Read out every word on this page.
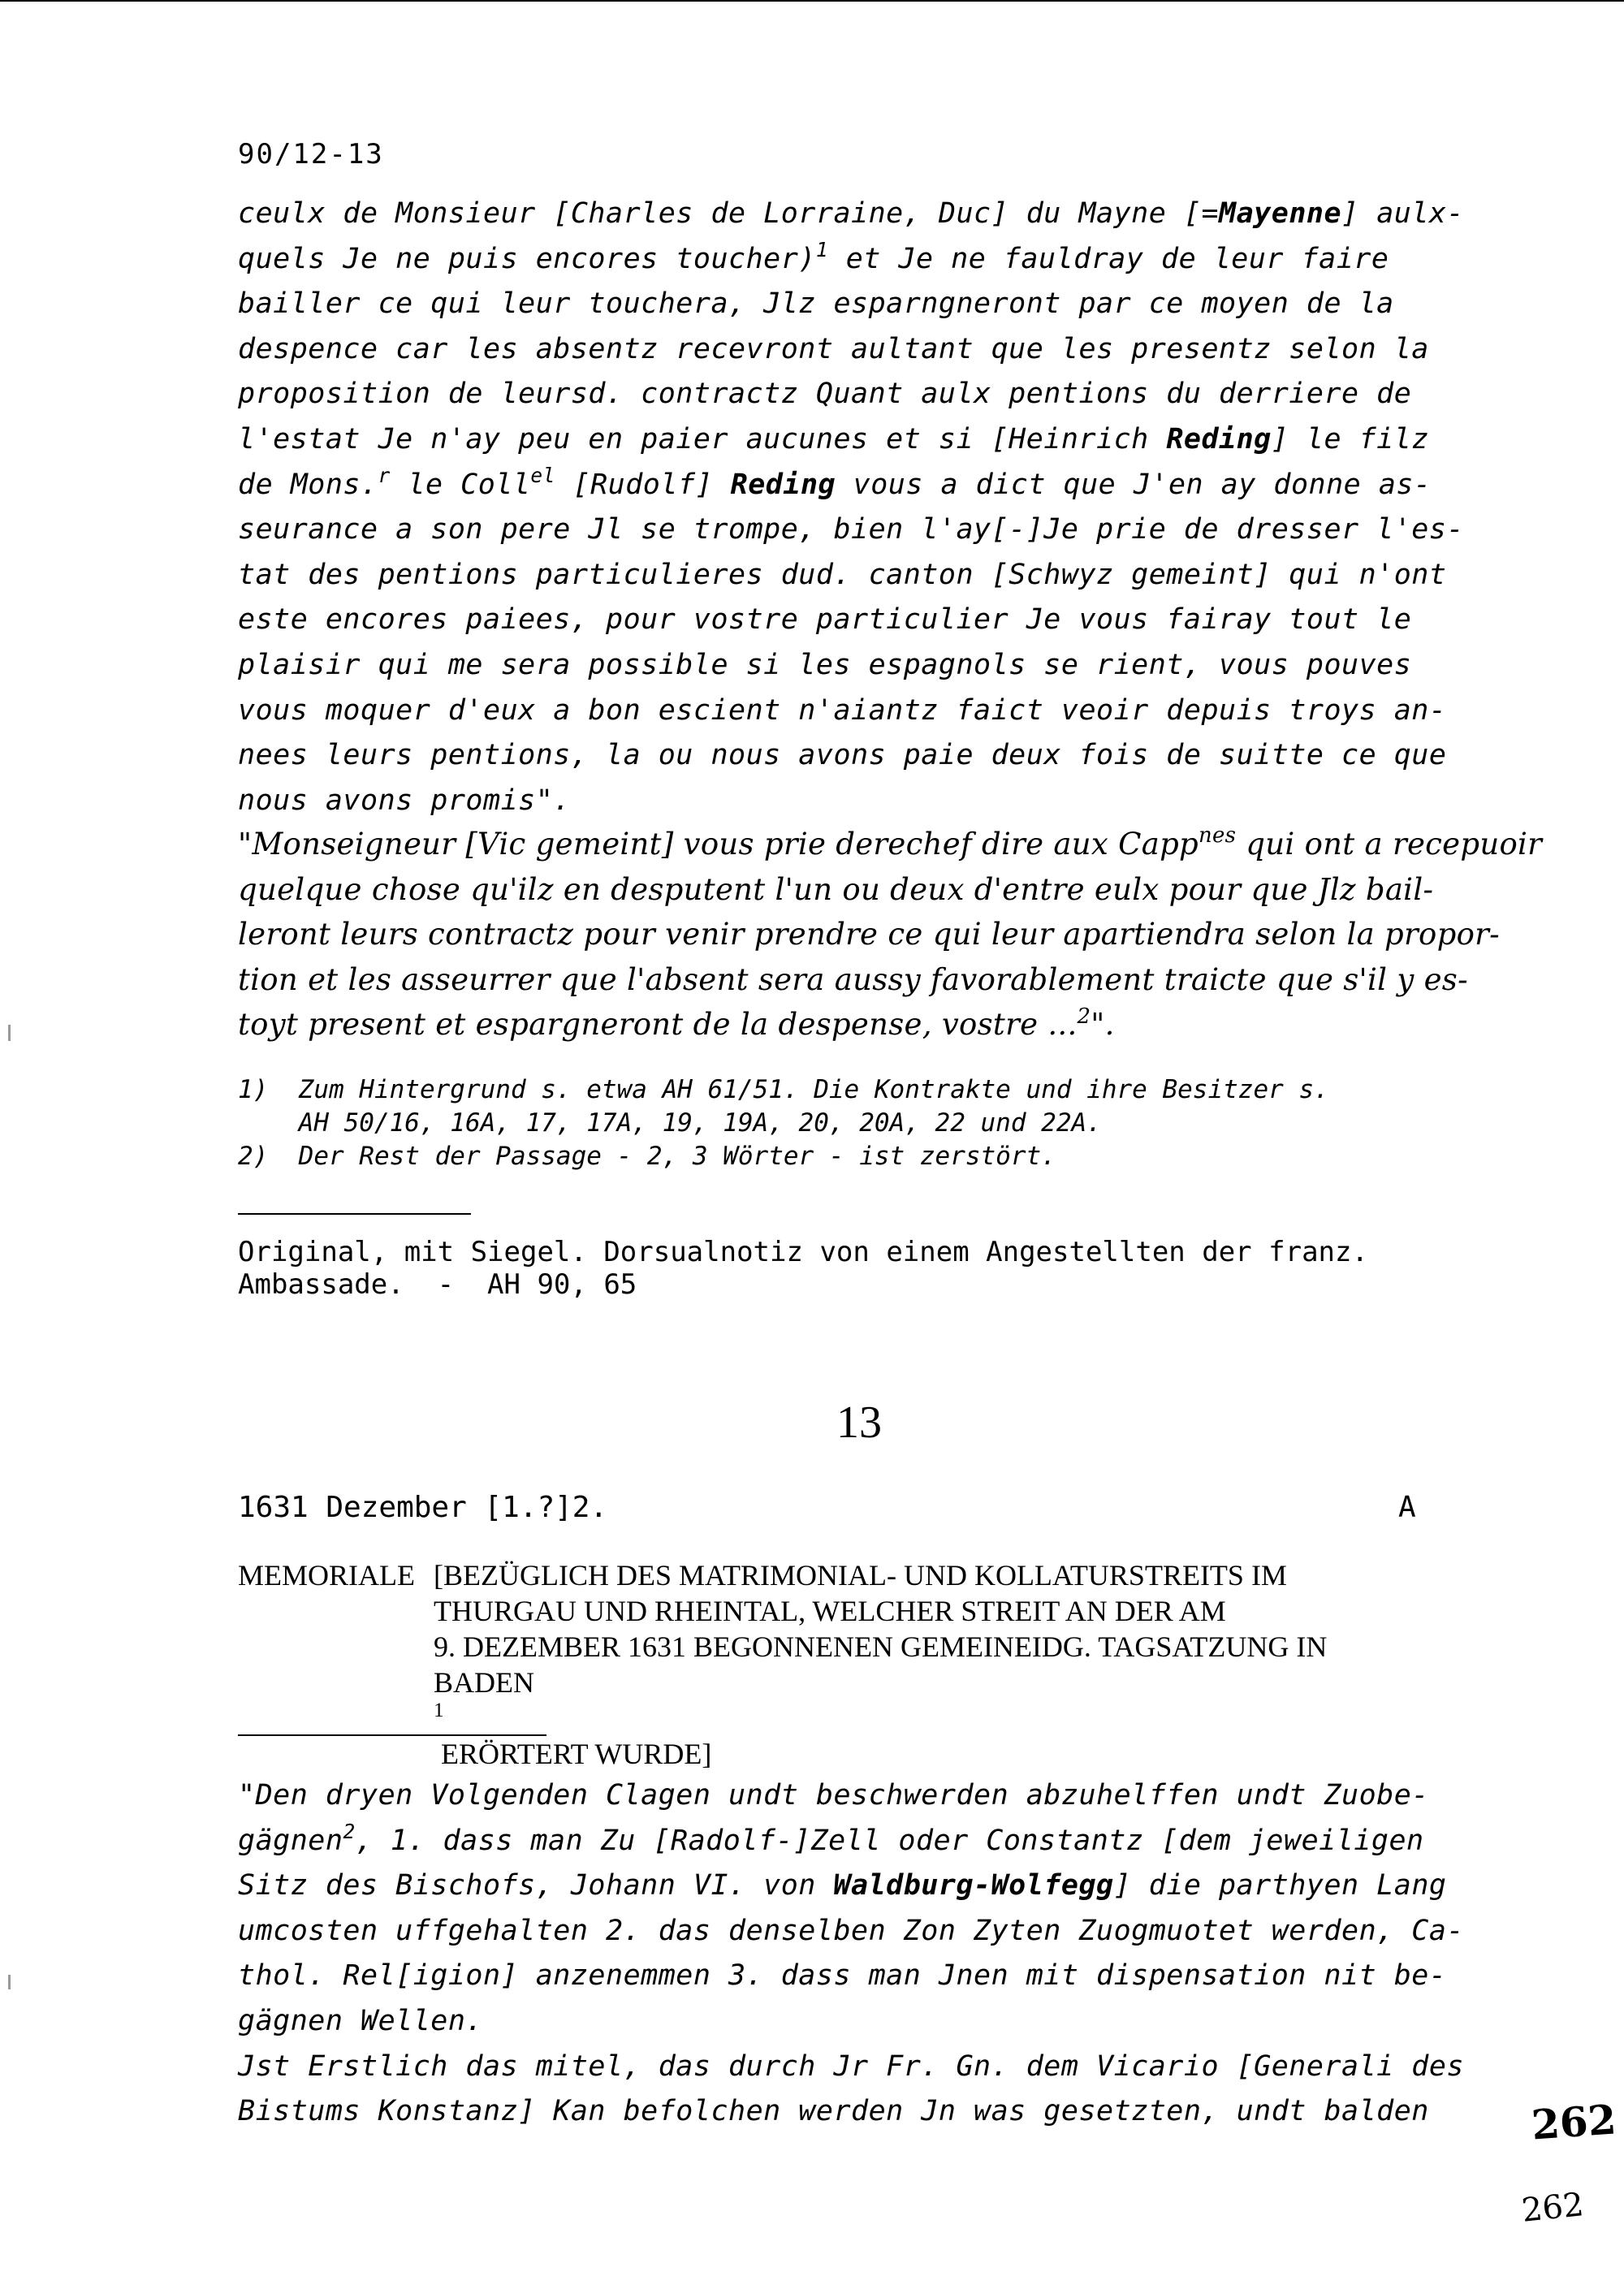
90/12-13
ceulx de Monsieur [Charles de Lorraine, Duc] du Mayne [=Mayenne] aulx-
quels Je ne puis encores toucher)$^1$ et Je ne fauldray de leur faire
bailler ce qui leur touchera, Jlz esparngneront par ce moyen de la
despence car les absentz recevront aultant que les presentz selon la
proposition de leursd. contractz Quant aulx pentions du derriere de
l'estat Je n'ay peu en paier aucunes et si [Heinrich Reding] le filz
de Mons.$^r$ le Coll$^{el}$ [Rudolf] Reding vous a dict que J'en ay donne as-
seurance a son pere Jl se trompe, bien l'ay[-]Je prie de dresser l'es-
tat des pentions particulieres dud. canton [Schwyz gemeint] qui n'ont
este encores paiees, pour vostre particulier Je vous fairay tout le
plaisir qui me sera possible si les espagnols se rient, vous pouves
vous moquer d'eux a bon escient n'aiantz faict veoir depuis troys an-
nees leurs pentions, la ou nous avons paie deux fois de suitte ce que
nous avons promis".
"Monseigneur [Vic gemeint] vous prie derechef dire aux Capp$^{nes}$ qui ont a recepuoir
quelque chose qu'ilz en desputent l'un ou deux d'entre eulx pour que Jlz bail-
leront leurs contractz pour venir prendre ce qui leur apartiendra selon la propor-
tion et les asseurrer que l'absent sera aussy favorablement traicte que s'il y es-
toyt present et espargneront de la despense, vostre ...$^2$".
1)  Zum Hintergrund s. etwa AH 61/51. Die Kontrakte und ihre Besitzer s.
AH 50/16, 16A, 17, 17A, 19, 19A, 20, 20A, 22 und 22A.
2)  Der Rest der Passage - 2, 3 Wörter - ist zerstört.
Original, mit Siegel. Dorsualnotiz von einem Angestellten der franz.
Ambassade.  -  AH 90, 65
13
1631 Dezember [1.?]2.	A
MEMORIALE [BEZÜGLICH DES MATRIMONIAL- UND KOLLATURSTREITS IM
THURGAU UND RHEINTAL, WELCHER STREIT AN DER AM
9. DEZEMBER 1631 BEGONNENEN GEMEINEIDG. TAGSATZUNG IN
BADEN
$^1$
ERÖRTERT WURDE]
"Den dryen Volgenden Clagen undt beschwerden abzuhelffen undt Zuobe-
gägnen$^2$, 1. dass man Zu [Radolf-]Zell oder Constantz [dem jeweiligen
Sitz des Bischofs, Johann VI. von Waldburg-Wolfegg] die parthyen Lang
umcosten uffgehalten 2. das denselben Zon Zyten Zuogmuotet werden, Ca-
thol. Rel[igion] anzenemmen 3. dass man Jnen mit dispensation nit be-
gägnen Wellen.
Jst Erstlich das mitel, das durch Jr Fr. Gn. dem Vicario [Generali des
Bistums Konstanz] Kan befolchen werden Jn was gesetzten, undt balden	262
262
